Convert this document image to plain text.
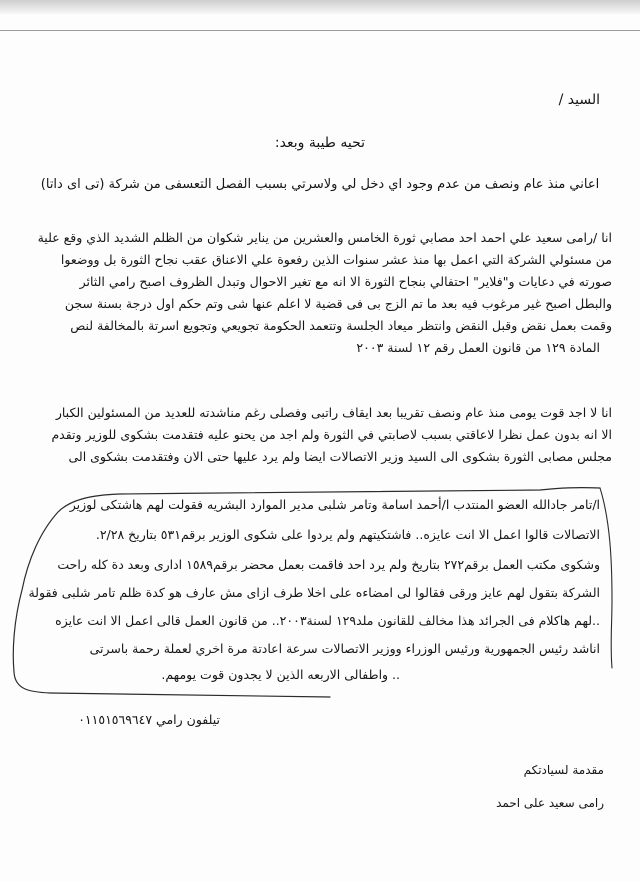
السيد /
تحيه طيبة وبعد:
اعاني منذ عام ونصف من عدم وجود اي دخل لي ولاسرتي بسبب الفصل التعسفى من شركة (تى اى داتا)
انا /رامى سعيد علي احمد احد مصابي ثورة الخامس والعشرين من يناير شكوان من الظلم الشديد الذي وقع علية
من مسئولي الشركة التي اعمل بها منذ عشر سنوات الذين رفعوة علي الاعناق عقب نجاح الثورة بل ووضعوا
صورته في دعايات و"فلاير" احتفالي بنجاح الثورة الا انه مع تغير الاحوال وتبدل الظروف اصبح رامي الثائر
والبطل اصبح غير مرغوب فيه بعد ما تم الزج بى فى قضية لا اعلم عنها شى وتم حكم اول درجة بسنة سجن
وقمت بعمل نقض وقبل النقض وانتظر ميعاد الجلسة وتتعمد الحكومة تجويعي وتجويع اسرتة بالمخالفة لنص
المادة ١٢٩ من قانون العمل رقم ١٢ لسنة ٢٠٠٣
انا لا اجد قوت يومى منذ عام ونصف تقريبا بعد ايقاف راتبى وفصلى رغم مناشدته للعديد من المسئولين الكبار
الا انه بدون عمل نظرا لاعاقتي بسبب لاصابتي في الثورة ولم اجد من يحنو عليه فتقدمت بشكوى للوزير وتقدم
مجلس مصابى الثورة بشكوى الى السيد وزير الاتصالات ايضا ولم يرد عليها حتى الان وفتقدمت بشكوى الى
ا/تامر جادالله العضو المنتدب ا/أحمد اسامة وتامر شلبى مدير الموارد البشريه فقولت لهم هاشتكى لوزير
الاتصالات قالوا اعمل الا انت عايزه.. فاشتكيتهم ولم يردوا على شكوى الوزير برقم٥٣١ بتاريخ ٢/٢٨.
وشكوى مكتب العمل برقم٢٧٢ بتاريخ ولم يرد احد فاقمت بعمل محضر برقم١٥٨٩ ادارى وبعد دة كله راحت
الشركة بتقول لهم عايز ورقى فقالوا لى امضاءه على اخلا طرف ازاى مش عارف هو كدة ظلم تامر شلبى فقولة
..لهم هاكلام فى الجرائد هذا مخالف للقانون ملد١٢٩ لسنة٢٠٠٣.. من قانون العمل قالى اعمل الا انت عايزه
اناشد رئيس الجمهورية ورئيس الوزراء ووزير الاتصالات سرعة اعادتة مرة اخري لعملة رحمة باسرتى
.. واطفالى الاربعه الذين لا يجدون قوت يومهم.
تيلفون رامي ٠١١٥١٥٦٩٦٤٧
مقدمة لسيادتكم
رامى سعيد على احمد
